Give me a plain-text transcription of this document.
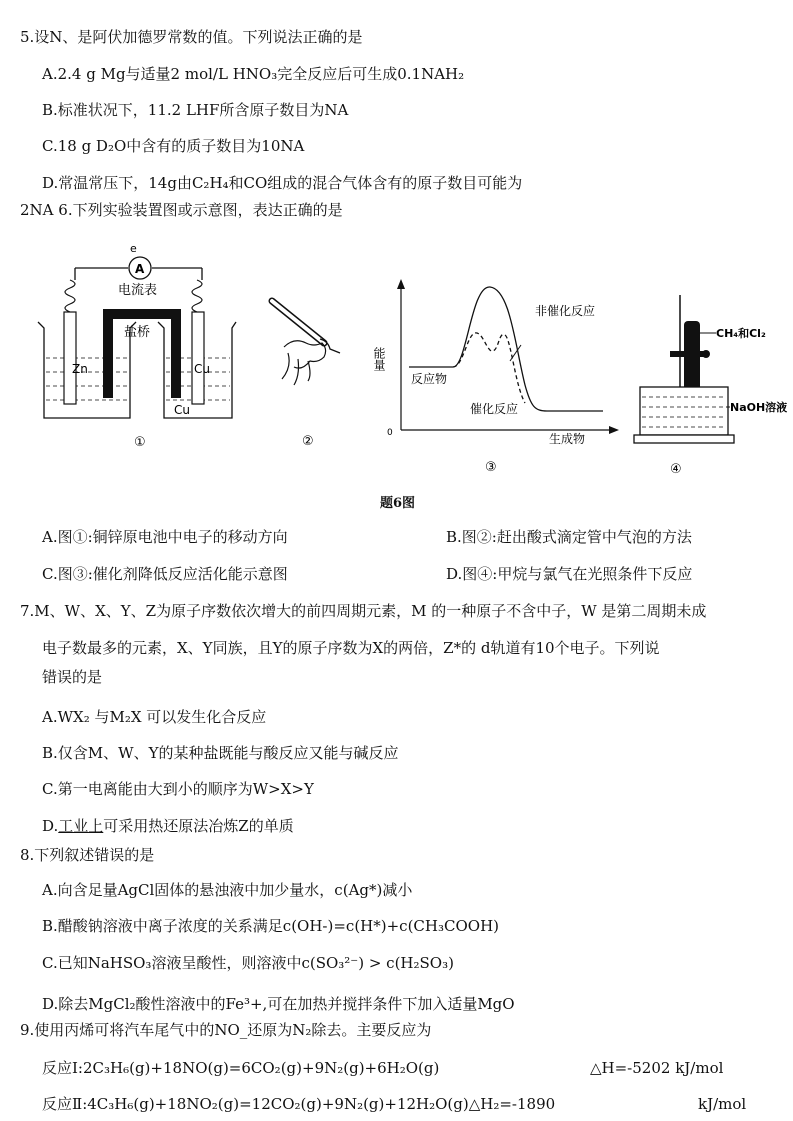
5.设N、是阿伏加德罗常数的值。下列说法正确的是
A.2.4 g Mg与适量2 mol/L HNO₃完全反应后可生成0.1NAH₂
B.标准状况下，11.2 LHF所含原子数目为NA
C.18 g D₂O中含有的质子数目为10NA
D.常温常压下，14g由C₂H₄和CO组成的混合气体含有的原子数目可能为
2NA 6.下列实验装置图或示意图，表达正确的是
e
A
电流表
盐桥
Zn	Cu
Cu
①	②
能量
0
非催化反应
反应物
催化反应
生成物
③
CH₄和Cl₂
NaOH溶液
④
题6图
A.图①:铜锌原电池中电子的移动方向	B.图②:赶出酸式滴定管中气泡的方法
C.图③:催化剂降低反应活化能示意图	D.图④:甲烷与氯气在光照条件下反应
7.M、W、X、Y、Z为原子序数依次增大的前四周期元素，M 的一种原子不含中子，W 是第二周期未成
电子数最多的元素，X、Y同族，且Y的原子序数为X的两倍，Z*的 d轨道有10个电子。下列说
错误的是
A.WX₂ 与M₂X 可以发生化合反应
B.仅含M、W、Y的某种盐既能与酸反应又能与碱反应
C.第一电离能由大到小的顺序为W>X>Y
D.工业上可采用热还原法冶炼Z的单质
8.下列叙述错误的是
A.向含足量AgCl固体的悬浊液中加少量水，c(Ag*)减小
B.醋酸钠溶液中离子浓度的关系满足c(OH-)=c(H*)+c(CH₃COOH)
C.已知NaHSO₃溶液呈酸性，则溶液中c(SO₃²⁻) > c(H₂SO₃)
D.除去MgCl₂酸性溶液中的Fe³+,可在加热并搅拌条件下加入适量MgO
9.使用丙烯可将汽车尾气中的NO_还原为N₂除去。主要反应为
反应I:2C₃H₆(g)+18NO(g)=6CO₂(g)+9N₂(g)+6H₂O(g)	△H=-5202 kJ/mol
反应Ⅱ:4C₃H₆(g)+18NO₂(g)=12CO₂(g)+9N₂(g)+12H₂O(g)△H₂=-1890	kJ/mol
